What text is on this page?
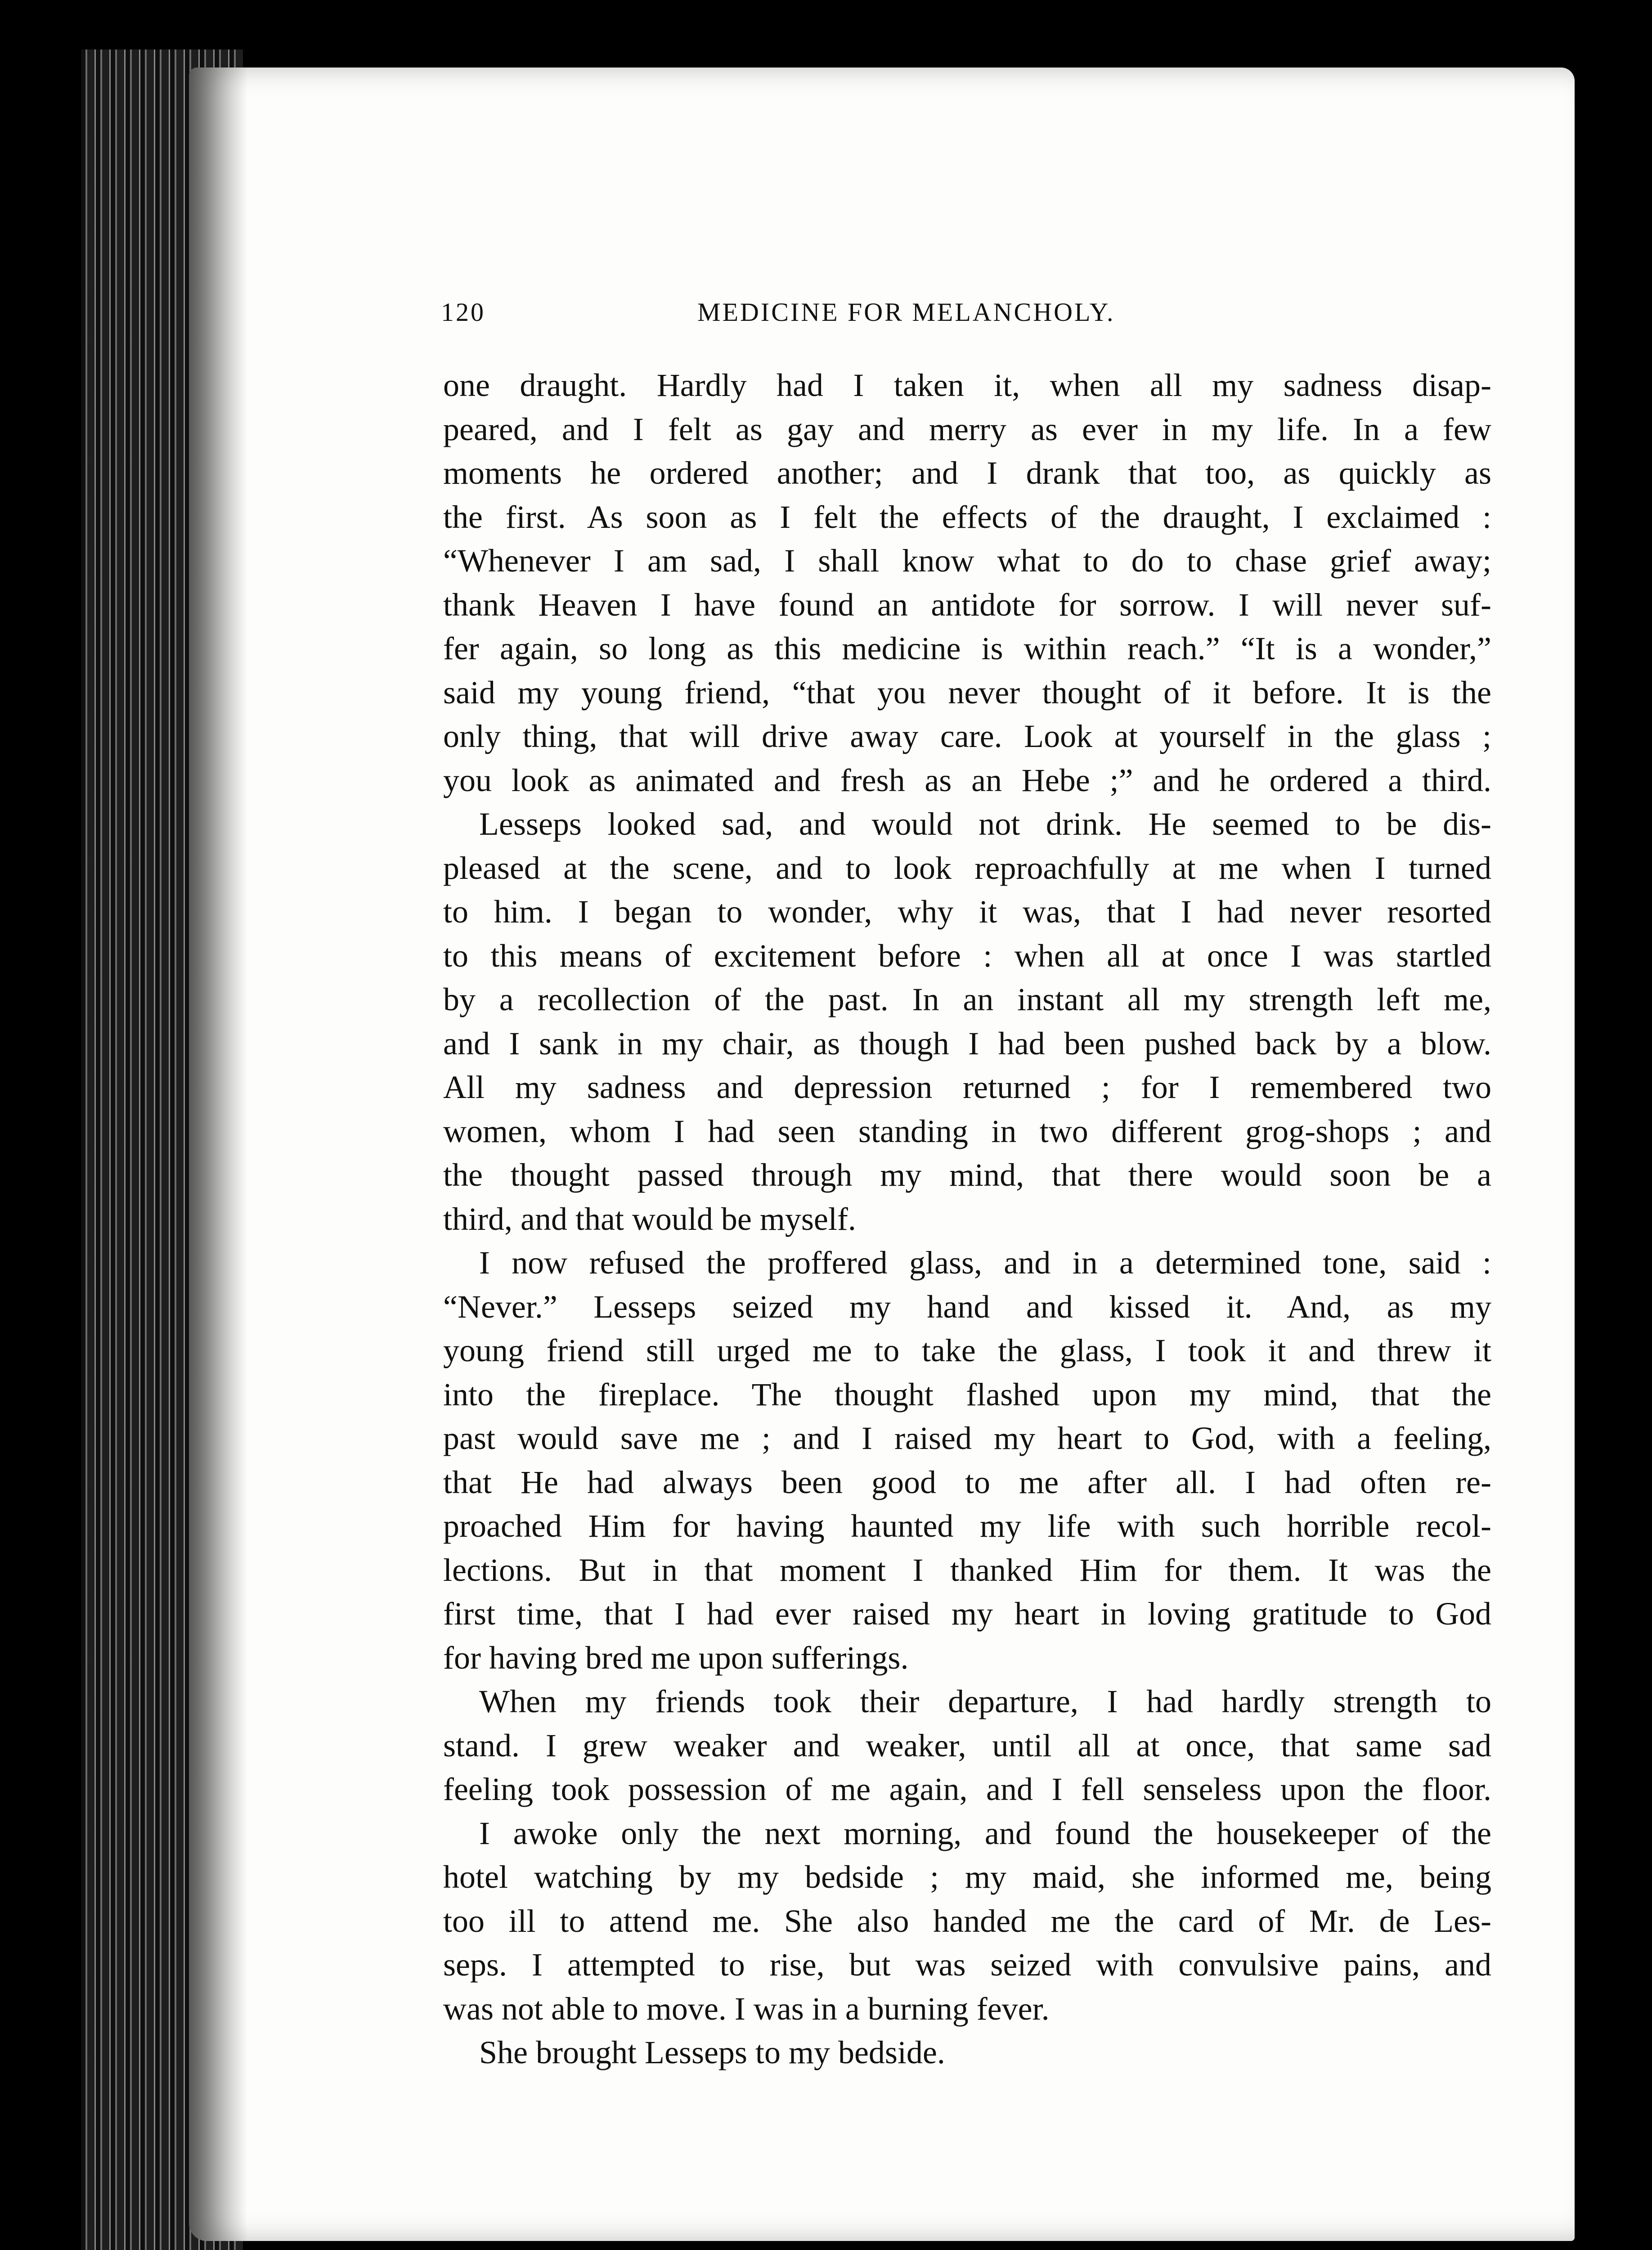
120	MEDICINE FOR MELANCHOLY.
one draught. Hardly had I taken it, when all my sadness disap-
peared, and I felt as gay and merry as ever in my life. In a few
moments he ordered another; and I drank that too, as quickly as
the first. As soon as I felt the effects of the draught, I exclaimed :
“Whenever I am sad, I shall know what to do to chase grief away;
thank Heaven I have found an antidote for sorrow. I will never suf-
fer again, so long as this medicine is within reach.” “It is a wonder,”
said my young friend, “that you never thought of it before. It is the
only thing, that will drive away care. Look at yourself in the glass ;
you look as animated and fresh as an Hebe ;” and he ordered a third.
Lesseps looked sad, and would not drink. He seemed to be dis-
pleased at the scene, and to look reproachfully at me when I turned
to him. I began to wonder, why it was, that I had never resorted
to this means of excitement before : when all at once I was startled
by a recollection of the past. In an instant all my strength left me,
and I sank in my chair, as though I had been pushed back by a blow.
All my sadness and depression returned ; for I remembered two
women, whom I had seen standing in two different grog-shops ; and
the thought passed through my mind, that there would soon be a
third, and that would be myself.
I now refused the proffered glass, and in a determined tone, said :
“Never.” Lesseps seized my hand and kissed it. And, as my
young friend still urged me to take the glass, I took it and threw it
into the fireplace. The thought flashed upon my mind, that the
past would save me ; and I raised my heart to God, with a feeling,
that He had always been good to me after all. I had often re-
proached Him for having haunted my life with such horrible recol-
lections. But in that moment I thanked Him for them. It was the
first time, that I had ever raised my heart in loving gratitude to God
for having bred me upon sufferings.
When my friends took their departure, I had hardly strength to
stand. I grew weaker and weaker, until all at once, that same sad
feeling took possession of me again, and I fell senseless upon the floor.
I awoke only the next morning, and found the housekeeper of the
hotel watching by my bedside ; my maid, she informed me, being
too ill to attend me. She also handed me the card of Mr. de Les-
seps. I attempted to rise, but was seized with convulsive pains, and
was not able to move. I was in a burning fever.
She brought Lesseps to my bedside.
